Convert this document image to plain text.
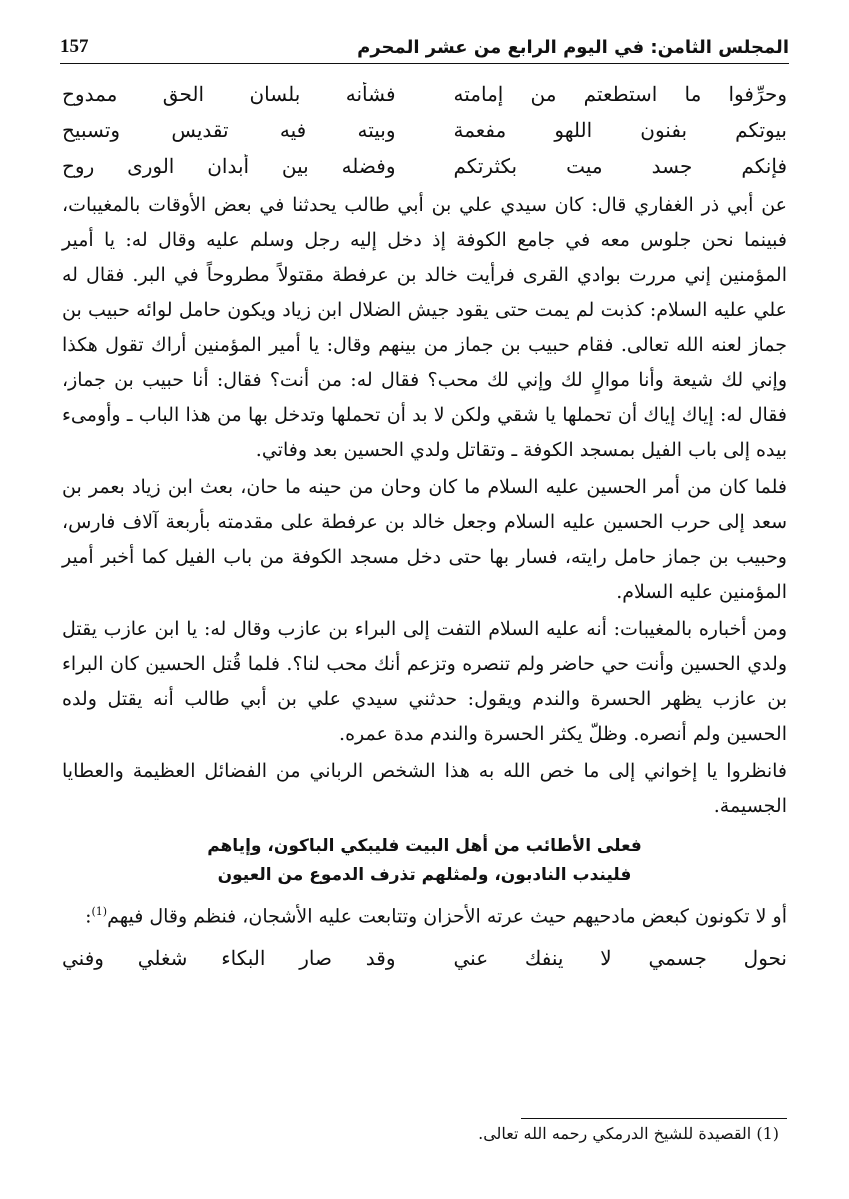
157	المجلس الثامن: في اليوم الرابع من عشر المحرم
وحرِّفوا ما استطعتم من إمامته
فشأنه بلسان الحق ممدوح
بيوتكم بفنون اللهو مفعمة
وبيته فيه تقديس وتسبيح
فإنكم جسد ميت بكثرتكم
وفضله بين أبدان الورى روح

عن أبي ذر الغفاري قال: كان سيدي علي بن أبي طالب يحدثنا في بعض الأوقات بالمغيبات، فبينما نحن جلوس معه في جامع الكوفة إذ دخل إليه رجل وسلم عليه وقال له: يا أمير المؤمنين إني مررت بوادي القرى فرأيت خالد بن عرفطة مقتولاً مطروحاً في البر. فقال له علي عليه السلام: كذبت لم يمت حتى يقود جيش الضلال ابن زياد ويكون حامل لوائه حبيب بن جماز لعنه الله تعالى. فقام حبيب بن جماز من بينهم وقال: يا أمير المؤمنين أراك تقول هكذا وإني لك شيعة وأنا موالٍ لك وإني لك محب؟ فقال له: من أنت؟ فقال: أنا حبيب بن جماز، فقال له: إياك إياك أن تحملها يا شقي ولكن لا بد أن تحملها وتدخل بها من هذا الباب ـ وأومىء بيده إلى باب الفيل بمسجد الكوفة ـ وتقاتل ولدي الحسين بعد وفاتي.

فلما كان من أمر الحسين عليه السلام ما كان وحان من حينه ما حان، بعث ابن زياد بعمر بن سعد إلى حرب الحسين عليه السلام وجعل خالد بن عرفطة على مقدمته بأربعة آلاف فارس، وحبيب بن جماز حامل رايته، فسار بها حتى دخل مسجد الكوفة من باب الفيل كما أخبر أمير المؤمنين عليه السلام.

ومن أخباره بالمغيبات: أنه عليه السلام التفت إلى البراء بن عازب وقال له: يا ابن عازب يقتل ولدي الحسين وأنت حي حاضر ولم تنصره وتزعم أنك محب لنا؟. فلما قُتل الحسين كان البراء بن عازب يظهر الحسرة والندم ويقول: حدثني سيدي علي بن أبي طالب أنه يقتل ولده الحسين ولم أنصره. وظلّ يكثر الحسرة والندم مدة عمره.

فانظروا يا إخواني إلى ما خص الله به هذا الشخص الرباني من الفضائل العظيمة والعطايا الجسيمة.

فعلى الأطائب من أهل البيت فليبكي الباكون، وإياهم
فليندب النادبون، ولمثلهم تذرف الدموع من العيون

أو لا تكونون كبعض مادحيهم حيث عرته الأحزان وتتابعت عليه الأشجان، فنظم وقال فيهم$^{(1)}$:

نحول جسمي لا ينفك عني
وقد صار البكاء شغلي وفني
(1) القصيدة للشيخ الدرمكي رحمه الله تعالى.
